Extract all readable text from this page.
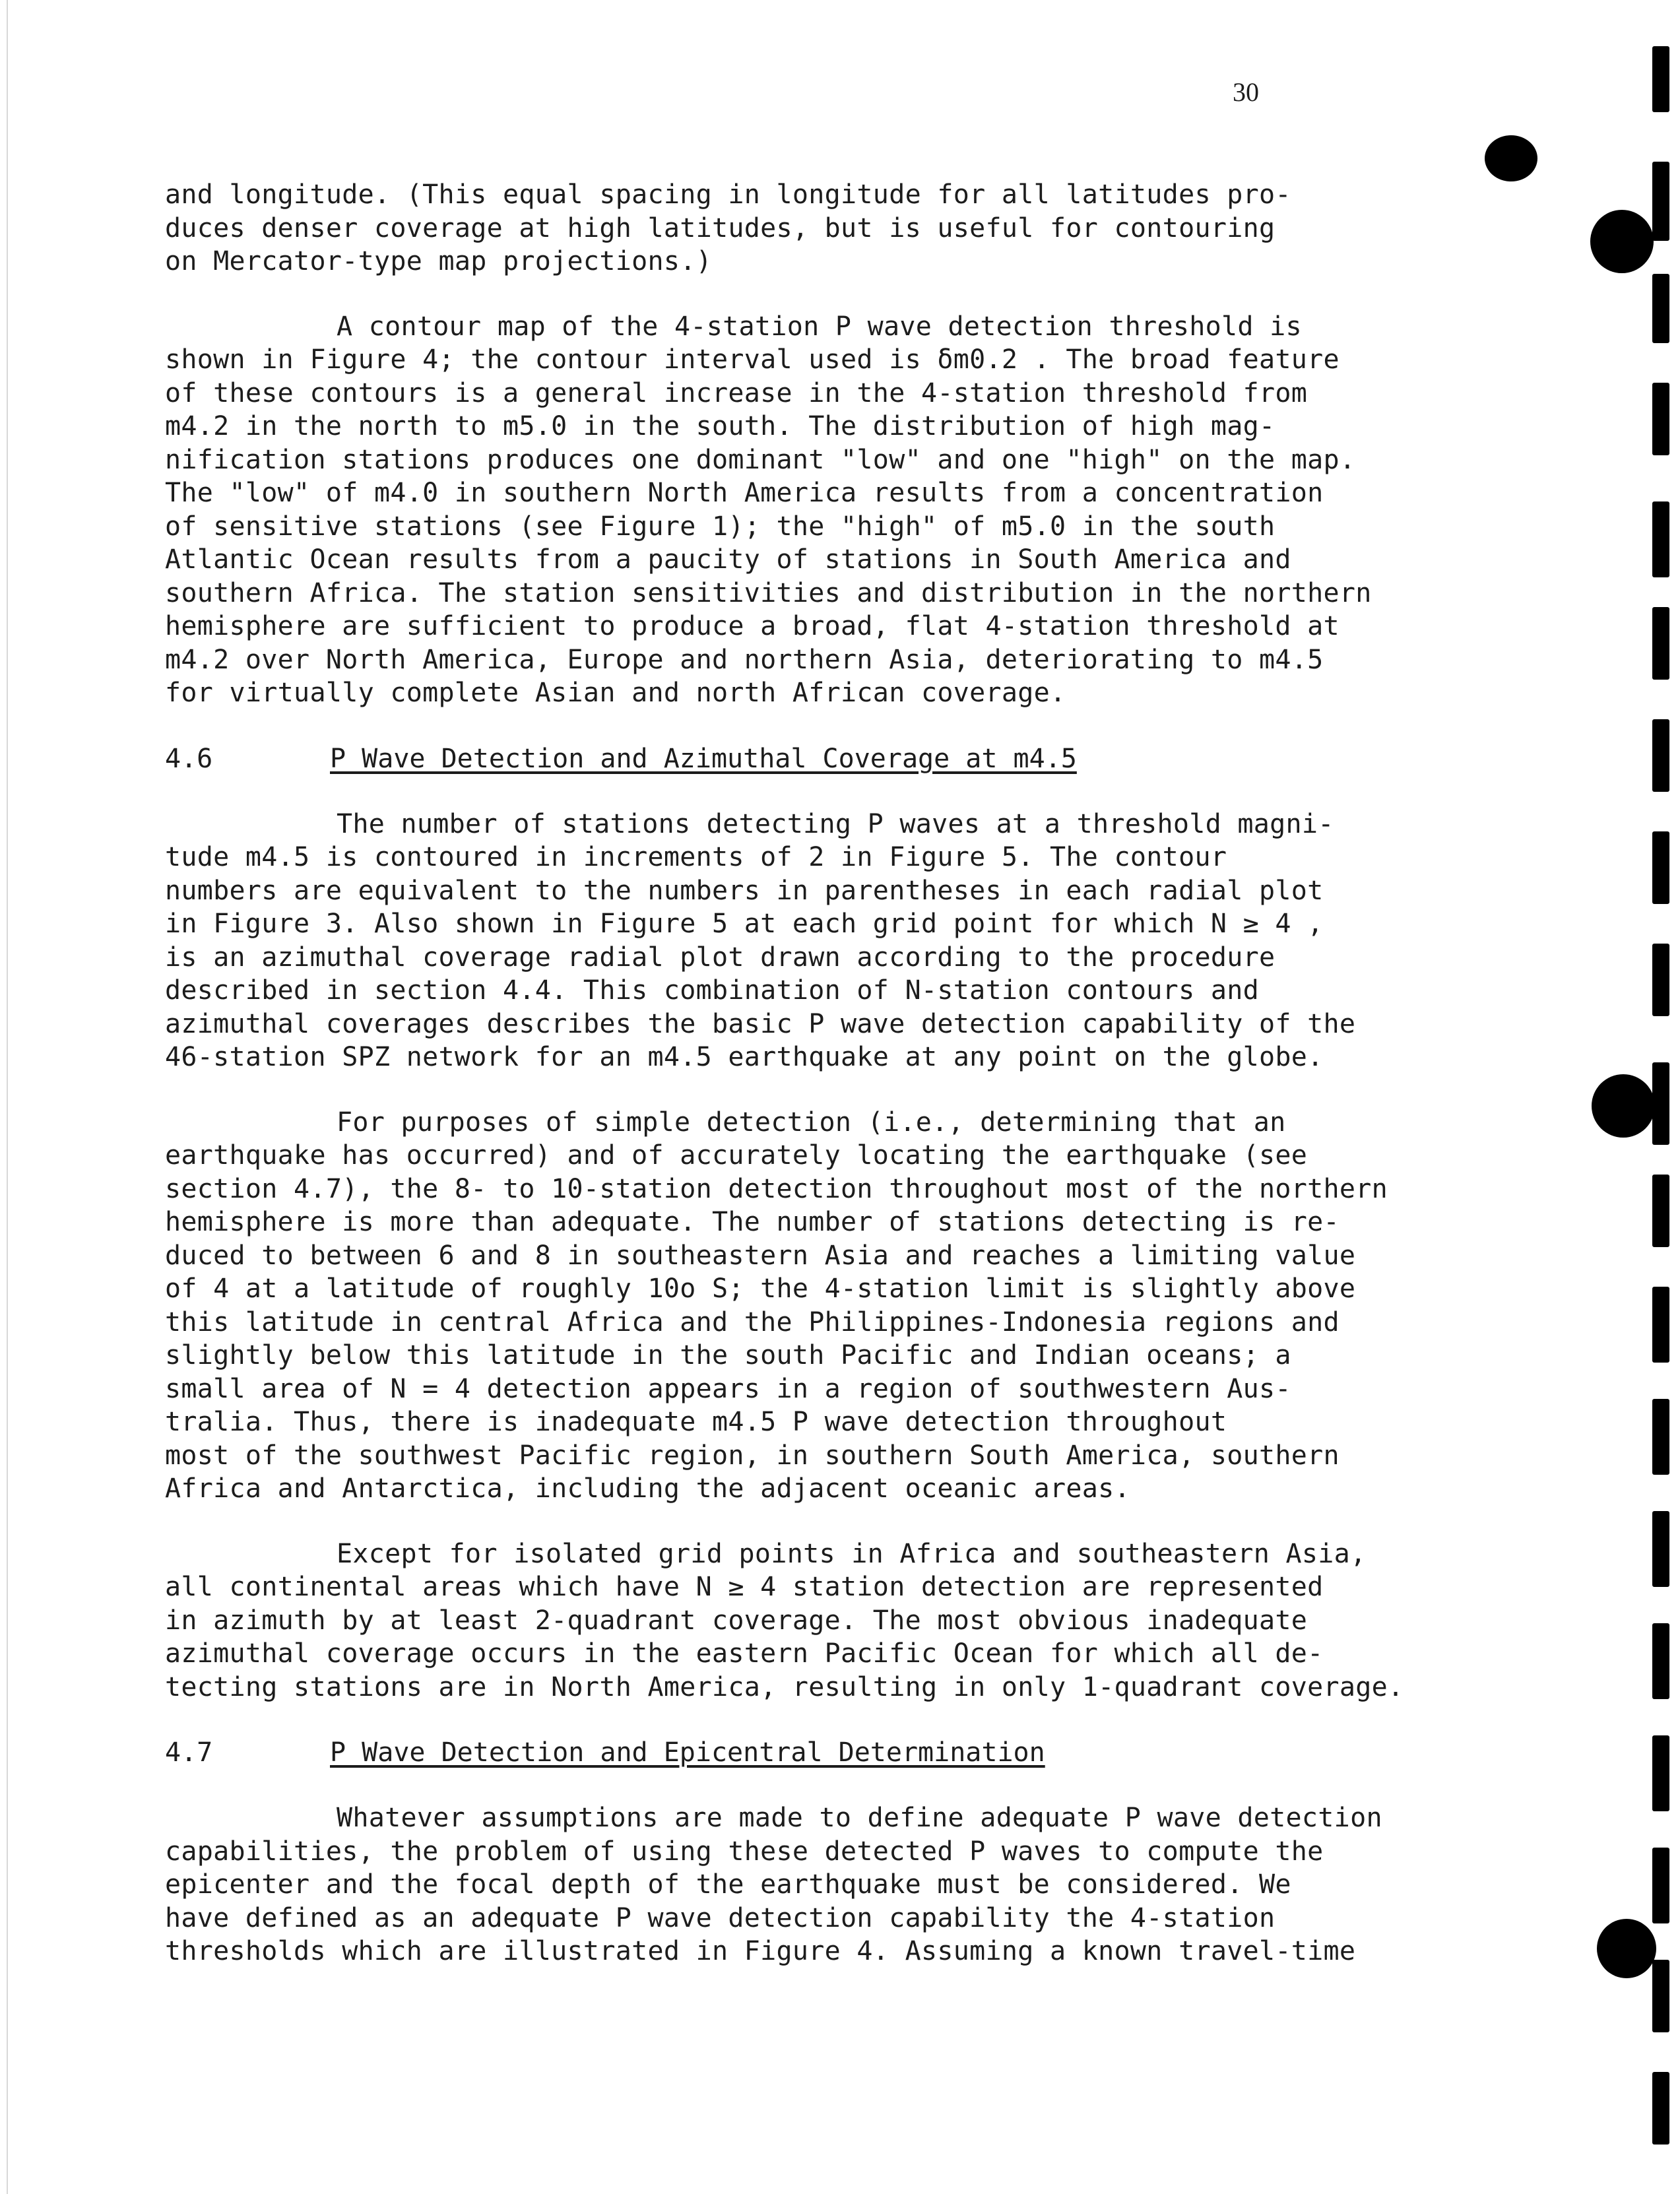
30

and longitude. (This equal spacing in longitude for all latitudes pro-
duces denser coverage at high latitudes, but is useful for contouring
on Mercator-type map projections.)

A contour map of the 4-station P wave detection threshold is
shown in Figure 4; the contour interval used is δm0.2 . The broad feature
of these contours is a general increase in the 4-station threshold from
m4.2 in the north to m5.0 in the south. The distribution of high mag-
nification stations produces one dominant "low" and one "high" on the map.
The "low" of m4.0 in southern North America results from a concentration
of sensitive stations (see Figure 1); the "high" of m5.0 in the south
Atlantic Ocean results from a paucity of stations in South America and
southern Africa. The station sensitivities and distribution in the northern
hemisphere are sufficient to produce a broad, flat 4-station threshold at
m4.2 over North America, Europe and northern Asia, deteriorating to m4.5
for virtually complete Asian and north African coverage.

4.6	P Wave Detection and Azimuthal Coverage at m4.5

The number of stations detecting P waves at a threshold magni-
tude m4.5 is contoured in increments of 2 in Figure 5. The contour
numbers are equivalent to the numbers in parentheses in each radial plot
in Figure 3. Also shown in Figure 5 at each grid point for which N ≥ 4 ,
is an azimuthal coverage radial plot drawn according to the procedure
described in section 4.4. This combination of N-station contours and
azimuthal coverages describes the basic P wave detection capability of the
46-station SPZ network for an m4.5 earthquake at any point on the globe.

For purposes of simple detection (i.e., determining that an
earthquake has occurred) and of accurately locating the earthquake (see
section 4.7), the 8- to 10-station detection throughout most of the northern
hemisphere is more than adequate. The number of stations detecting is re-
duced to between 6 and 8 in southeastern Asia and reaches a limiting value
of 4 at a latitude of roughly 10o S; the 4-station limit is slightly above
this latitude in central Africa and the Philippines-Indonesia regions and
slightly below this latitude in the south Pacific and Indian oceans; a
small area of N = 4 detection appears in a region of southwestern Aus-
tralia. Thus, there is inadequate m4.5 P wave detection throughout
most of the southwest Pacific region, in southern South America, southern
Africa and Antarctica, including the adjacent oceanic areas.

Except for isolated grid points in Africa and southeastern Asia,
all continental areas which have N ≥ 4 station detection are represented
in azimuth by at least 2-quadrant coverage. The most obvious inadequate
azimuthal coverage occurs in the eastern Pacific Ocean for which all de-
tecting stations are in North America, resulting in only 1-quadrant coverage.

4.7	P Wave Detection and Epicentral Determination

Whatever assumptions are made to define adequate P wave detection
capabilities, the problem of using these detected P waves to compute the
epicenter and the focal depth of the earthquake must be considered. We
have defined as an adequate P wave detection capability the 4-station
thresholds which are illustrated in Figure 4. Assuming a known travel-time
